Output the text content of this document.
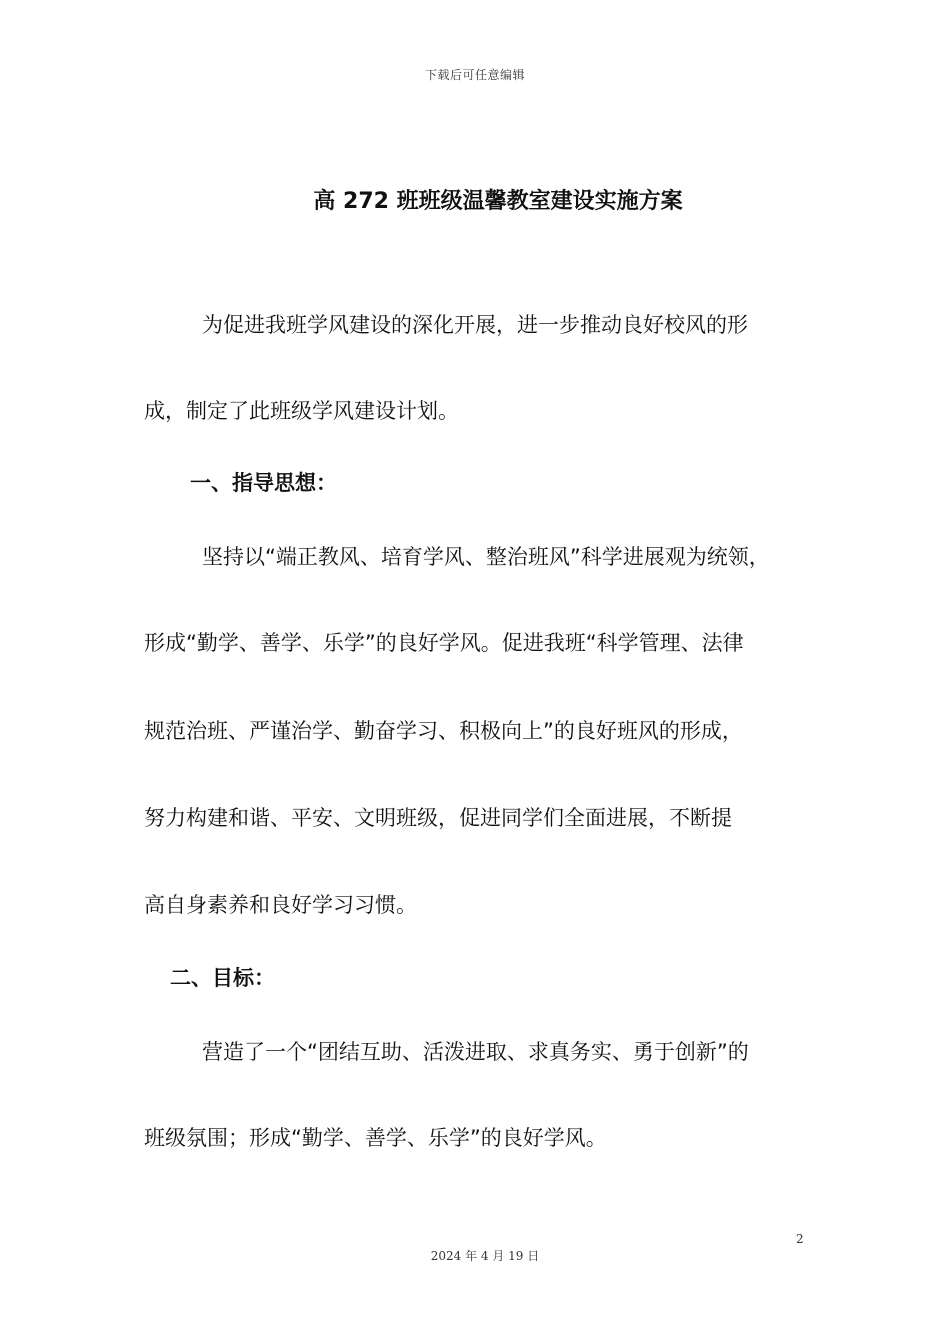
下载后可任意编辑
高 272 班班级温馨教室建设实施方案
为促进我班学风建设的深化开展，进一步推动良好校风的形
成，制定了此班级学风建设计划。
一、指导思想：
坚持以“端正教风、培育学风、整治班风”科学进展观为统领，
形成“勤学、善学、乐学”的良好学风。促进我班“科学管理、法律
规范治班、严谨治学、勤奋学习、积极向上”的良好班风的形成，
努力构建和谐、平安、文明班级，促进同学们全面进展，不断提
高自身素养和良好学习习惯。
二、目标：
营造了一个“团结互助、活泼进取、求真务实、勇于创新”的
班级氛围；形成“勤学、善学、乐学”的良好学风。
2
2024 年 4 月 19 日
